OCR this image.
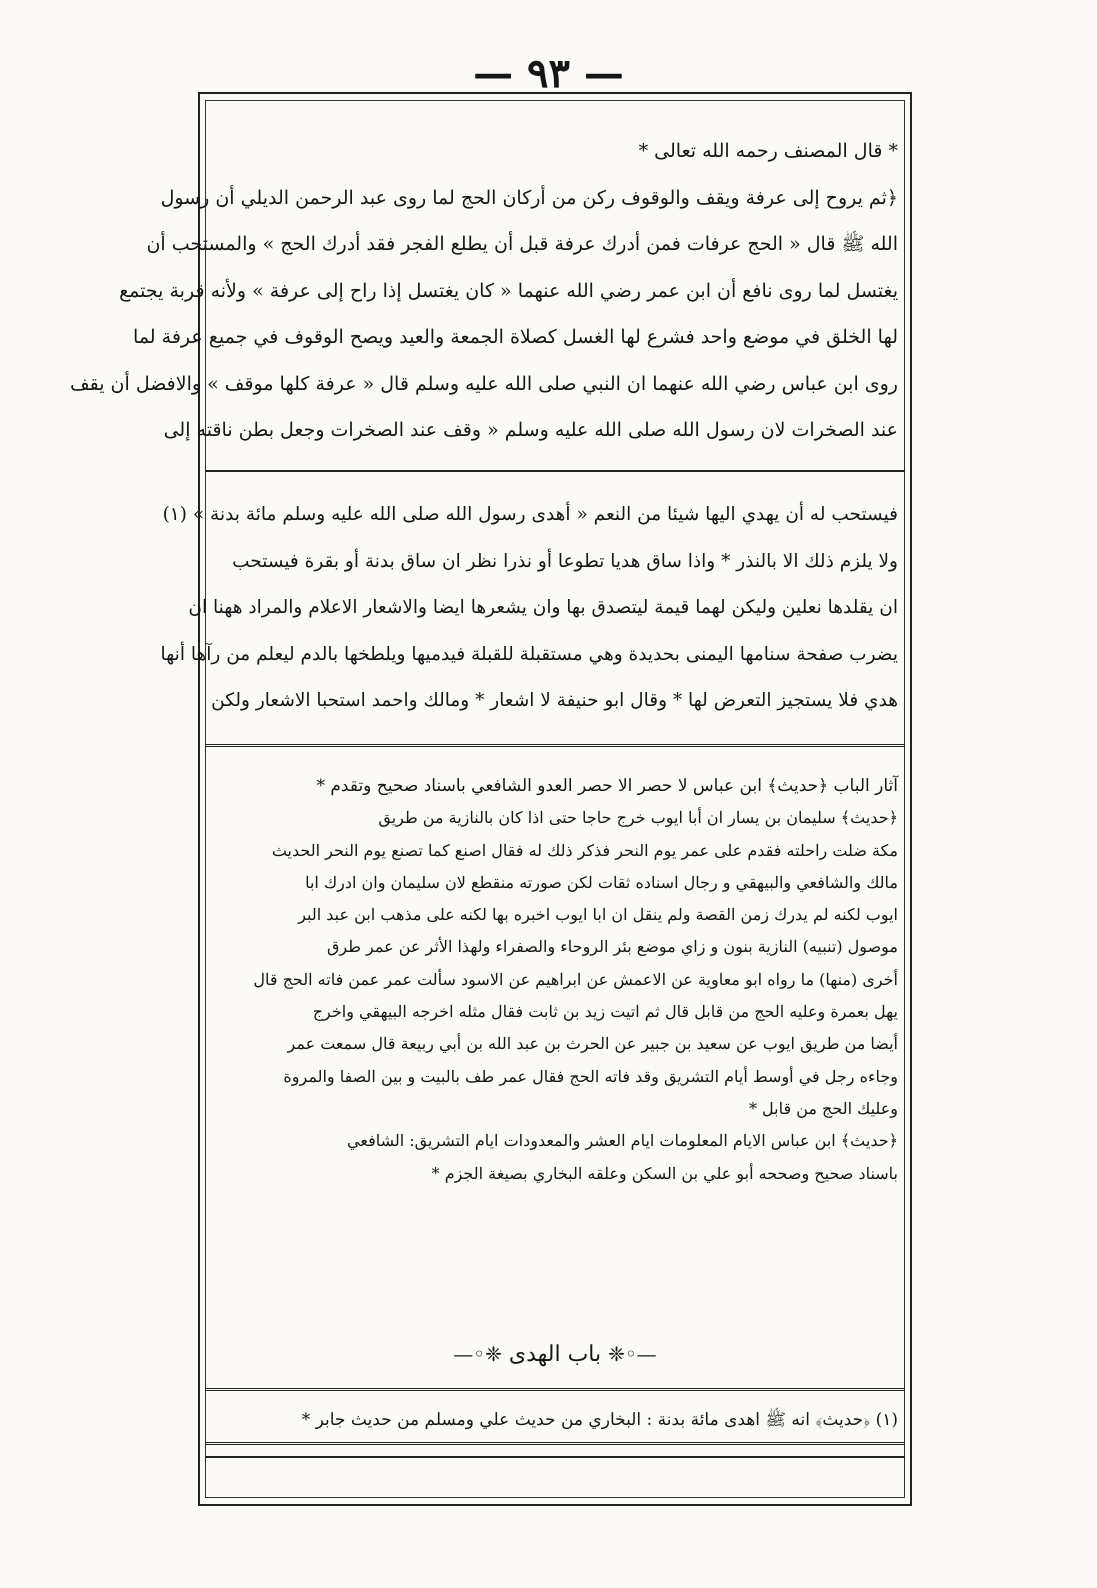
— ٩٣ —
* قال المصنف رحمه الله تعالى *
﴿ثم يروح إلى عرفة ويقف والوقوف ركن من أركان الحج لما روى عبد الرحمن الديلي أن رسول
الله ﷺ قال « الحج عرفات فمن أدرك عرفة قبل أن يطلع الفجر فقد أدرك الحج » والمستحب أن
يغتسل لما روى نافع أن ابن عمر رضي الله عنهما « كان يغتسل إذا راح إلى عرفة » ولأنه قربة يجتمع
لها الخلق في موضع واحد فشرع لها الغسل كصلاة الجمعة والعيد ويصح الوقوف في جميع عرفة لما
روى ابن عباس رضي الله عنهما ان النبي صلى الله عليه وسلم قال « عرفة كلها موقف » والافضل أن يقف
عند الصخرات لان رسول الله صلى الله عليه وسلم « وقف عند الصخرات وجعل بطن ناقته إلى
فيستحب له أن يهدي اليها شيئا من النعم « أهدى رسول الله صلى الله عليه وسلم مائة بدنة » (١)
ولا يلزم ذلك الا بالنذر * واذا ساق هديا تطوعا أو نذرا نظر ان ساق بدنة أو بقرة فيستحب
ان يقلدها نعلين وليكن لهما قيمة ليتصدق بها وان يشعرها ايضا والاشعار الاعلام والمراد ههنا ان
يضرب صفحة سنامها اليمنى بحديدة وهي مستقبلة للقبلة فيدميها ويلطخها بالدم ليعلم من رآها أنها
هدي فلا يستجيز التعرض لها * وقال ابو حنيفة لا اشعار * ومالك واحمد استحبا الاشعار ولكن
آثار الباب ﴿حديث﴾ ابن عباس لا حصر الا حصر العدو الشافعي باسناد صحيح وتقدم *
﴿حديث﴾ سليمان بن يسار ان أبا ايوب خرج حاجا حتى اذا كان بالنازية من طريق
مكة ضلت راحلته فقدم على عمر يوم النحر فذكر ذلك له فقال اصنع كما تصنع يوم النحر الحديث
مالك والشافعي والبيهقي و رجال اسناده ثقات لكن صورته منقطع لان سليمان وان ادرك ابا
ايوب لكنه لم يدرك زمن القصة ولم ينقل ان ابا ايوب اخبره بها لكنه على مذهب ابن عبد البر
موصول (تنبيه) النازية بنون و زاي موضع بئر الروحاء والصفراء ولهذا الأثر عن عمر طرق
أخرى (منها) ما رواه ابو معاوية عن الاعمش عن ابراهيم عن الاسود سألت عمر عمن فاته الحج قال
يهل بعمرة وعليه الحج من قابل قال ثم اتيت زيد بن ثابت فقال مثله اخرجه البيهقي واخرج
أيضا من طريق ايوب عن سعيد بن جبير عن الحرث بن عبد الله بن أبي ربيعة قال سمعت عمر
وجاءه رجل في أوسط أيام التشريق وقد فاته الحج فقال عمر طف بالبيت و بين الصفا والمروة
وعليك الحج من قابل *
﴿حديث﴾ ابن عباس الايام المعلومات ايام العشر والمعدودات ايام التشريق: الشافعي
باسناد صحيح وصححه أبو علي بن السكن وعلقه البخاري بصيغة الجزم *
—◦❈ باب الهدى ❈◦—
(١) ﴿حديث﴾ انه ﷺ اهدى مائة بدنة : البخاري من حديث علي ومسلم من حديث جابر *
